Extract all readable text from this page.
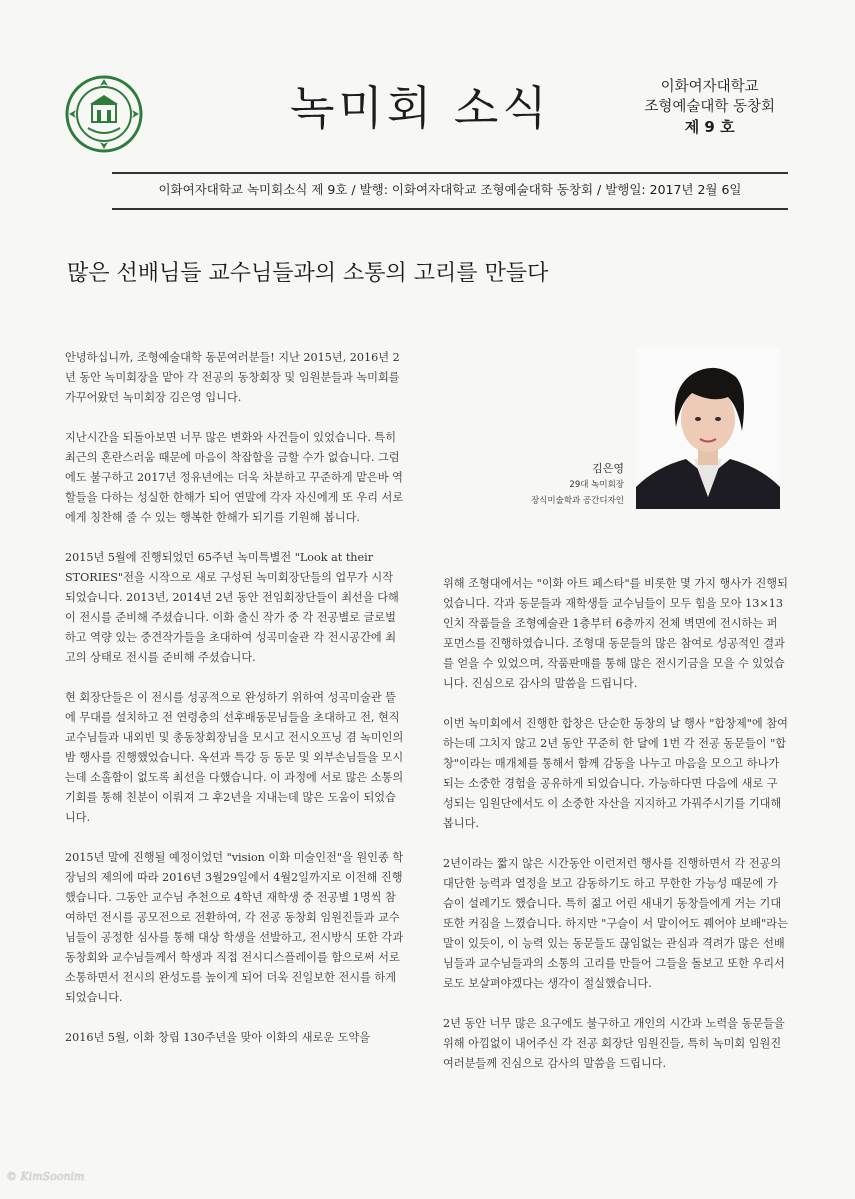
녹미회 소식	이화여자대학교
조형예술대학 동창회
제 9 호
이화여자대학교 녹미회소식 제 9호 / 발행: 이화여자대학교 조형예술대학 동창회 / 발행일: 2017년 2월 6일
많은 선배님들 교수님들과의 소통의 고리를 만들다

안녕하십니까, 조형예술대학 동문여러분들! 지난 2015년, 2016년 2년 동안 녹미회장을 맡아 각 전공의 동창회장 및 임원분들과 녹미회를 가꾸어왔던 녹미회장 김은영 입니다.

지난시간을 되돌아보면 너무 많은 변화와 사건들이 있었습니다. 특히 최근의 혼란스러움 때문에 마음이 착잡함을 금할 수가 없습니다. 그럼에도 불구하고 2017년 정유년에는 더욱 차분하고 꾸준하게 맡은바 역할들을 다하는 성실한 한해가 되어 연말에 각자 자신에게 또 우리 서로에게 칭찬해 줄 수 있는 행복한 한해가 되기를 기원해 봅니다.

2015년 5월에 진행되었던 65주년 녹미특별전 "Look at their STORIES"전을 시작으로 새로 구성된 녹미회장단들의 업무가 시작 되었습니다. 2013년, 2014년 2년 동안 전임회장단들이 최선을 다해 이 전시를 준비해 주셨습니다. 이화 출신 작가 중 각 전공별로 글로벌하고 역량 있는 중견작가들을 초대하여 성곡미술관 각 전시공간에 최고의 상태로 전시를 준비해 주셨습니다.

현 회장단들은 이 전시를 성공적으로 완성하기 위하여 성곡미술관 뜰에 무대를 설치하고 전 연령층의 선후배동문님들을 초대하고 전, 현직 교수님들과 내외빈 및 총동창회장님을 모시고 전시오프닝 겸 녹미인의 밤 행사를 진행했었습니다. 옥션과 특강 등 동문 및 외부손님들을 모시는데 소홀함이 없도록 최선을 다했습니다. 이 과정에 서로 많은 소통의 기회를 통해 친분이 이뤄져 그 후2년을 지내는데 많은 도움이 되었습니다.

2015년 말에 진행될 예정이었던 "vision 이화 미술인전"을 원인종 학장님의 제의에 따라 2016년 3월29일에서 4월2일까지로 이전해 진행했습니다. 그동안 교수님 추천으로 4학년 재학생 중 전공별 1명씩 참여하던 전시를 공모전으로 전환하여, 각 전공 동창회 임원진들과 교수님들이 공정한 심사를 통해 대상 학생을 선발하고, 전시방식 또한 각과 동창회와 교수님들께서 학생과 직접 전시디스플레이를 함으로써 서로 소통하면서 전시의 완성도를 높이게 되어 더욱 진일보한 전시를 하게 되었습니다.

2016년 5월, 이화 창립 130주년을 맞아 이화의 새로운 도약을

김은영
29대 녹미회장
장식미술학과 공간디자인

위해 조형대에서는 "이화 아트 페스타"를 비롯한 몇 가지 행사가 진행되었습니다. 각과 동문들과 재학생들 교수님들이 모두 힘을 모아 13×13인치 작품들을 조형예술관 1층부터 6층까지 전체 벽면에 전시하는 퍼포먼스를 진행하였습니다. 조형대 동문들의 많은 참여로 성공적인 결과를 얻을 수 있었으며, 작품판매를 통해 많은 전시기금을 모을 수 있었습니다. 진심으로 감사의 말씀을 드립니다.

이번 녹미회에서 진행한 합창은 단순한 동창의 날 행사 "합창제"에 참여하는데 그치지 않고 2년 동안 꾸준히 한 달에 1번 각 전공 동문들이 "합창"이라는 매개체를 통해서 함께 감동을 나누고 마음을 모으고 하나가 되는 소중한 경험을 공유하게 되었습니다. 가능하다면 다음에 새로 구성되는 임원단에서도 이 소중한 자산을 지지하고 가꿔주시기를 기대해 봅니다.

2년이라는 짧지 않은 시간동안 이런저런 행사를 진행하면서 각 전공의 대단한 능력과 열정을 보고 감동하기도 하고 무한한 가능성 때문에 가슴이 설레기도 했습니다. 특히 젊고 어린 새내기 동창들에게 거는 기대 또한 커짐을 느꼈습니다. 하지만 "구슬이 서 말이어도 꿰어야 보배"라는 말이 있듯이, 이 능력 있는 동문들도 끊임없는 관심과 격려가 많은 선배님들과 교수님들과의 소통의 고리를 만들어 그들을 돌보고 또한 우리서로도 보살펴야겠다는 생각이 절실했습니다.

2년 동안 너무 많은 요구에도 불구하고 개인의 시간과 노력을 동문들을 위해 아낌없이 내어주신 각 전공 회장단 임원진들, 특히 녹미회 임원진 여러분들께 진심으로 감사의 말씀을 드립니다.

© KimSoonim
